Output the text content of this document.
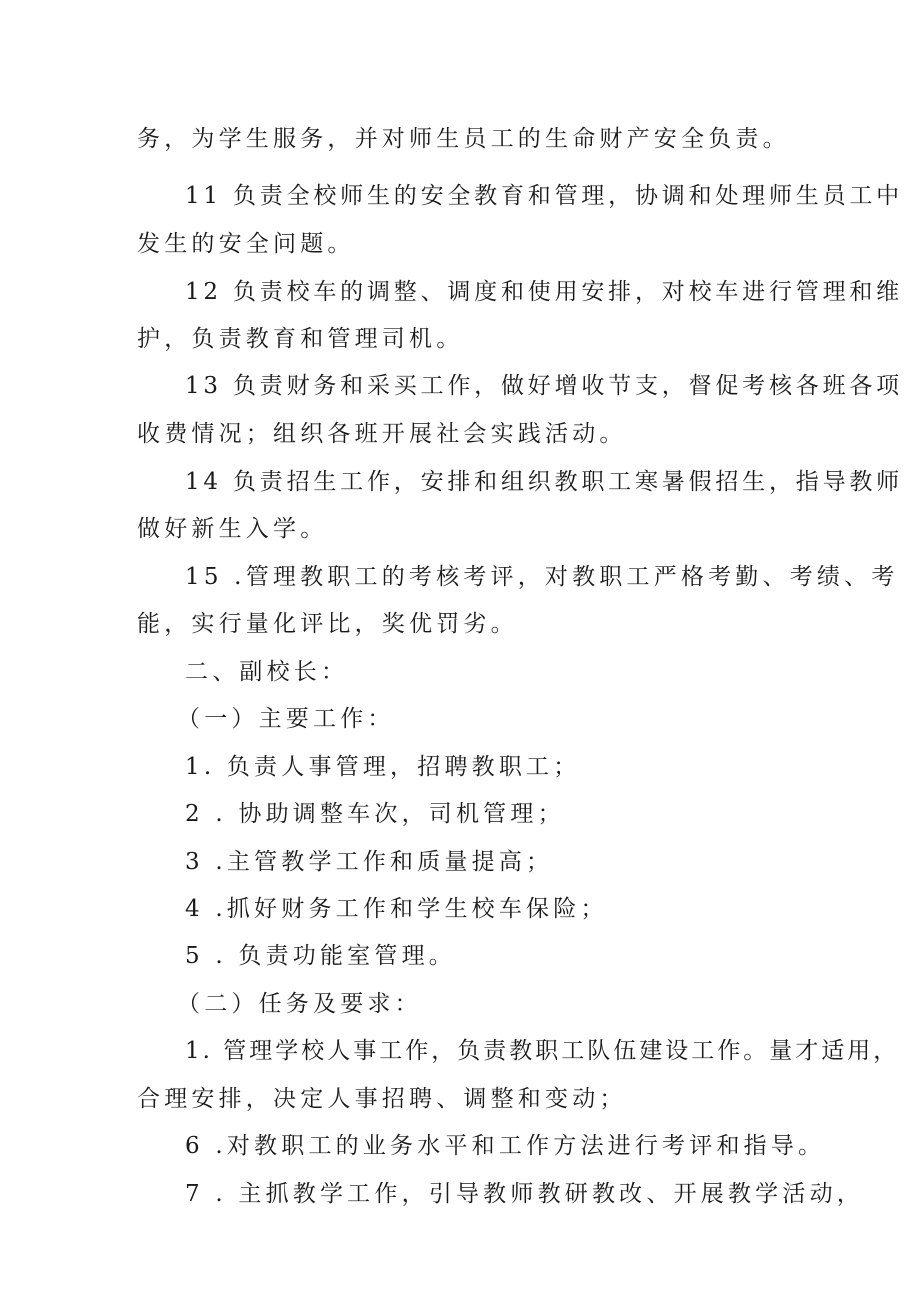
务，为学生服务，并对师生员工的生命财产安全负责。
11 负责全校师生的安全教育和管理，协调和处理师生员工中
发生的安全问题。
12 负责校车的调整、调度和使用安排，对校车进行管理和维
护，负责教育和管理司机。
13 负责财务和采买工作，做好增收节支，督促考核各班各项
收费情况；组织各班开展社会实践活动。
14 负责招生工作，安排和组织教职工寒暑假招生，指导教师
做好新生入学。
15 .管理教职工的考核考评，对教职工严格考勤、考绩、考
能，实行量化评比，奖优罚劣。
二、副校长：
（一）主要工作：
1. 负责人事管理，招聘教职工；
2 . 协助调整车次，司机管理；
3 .主管教学工作和质量提高；
4 .抓好财务工作和学生校车保险；
5 . 负责功能室管理。
（二）任务及要求：
1. 管理学校人事工作，负责教职工队伍建设工作。量才适用，
合理安排，决定人事招聘、调整和变动；
6 .对教职工的业务水平和工作方法进行考评和指导。
7 . 主抓教学工作，引导教师教研教改、开展教学活动，
